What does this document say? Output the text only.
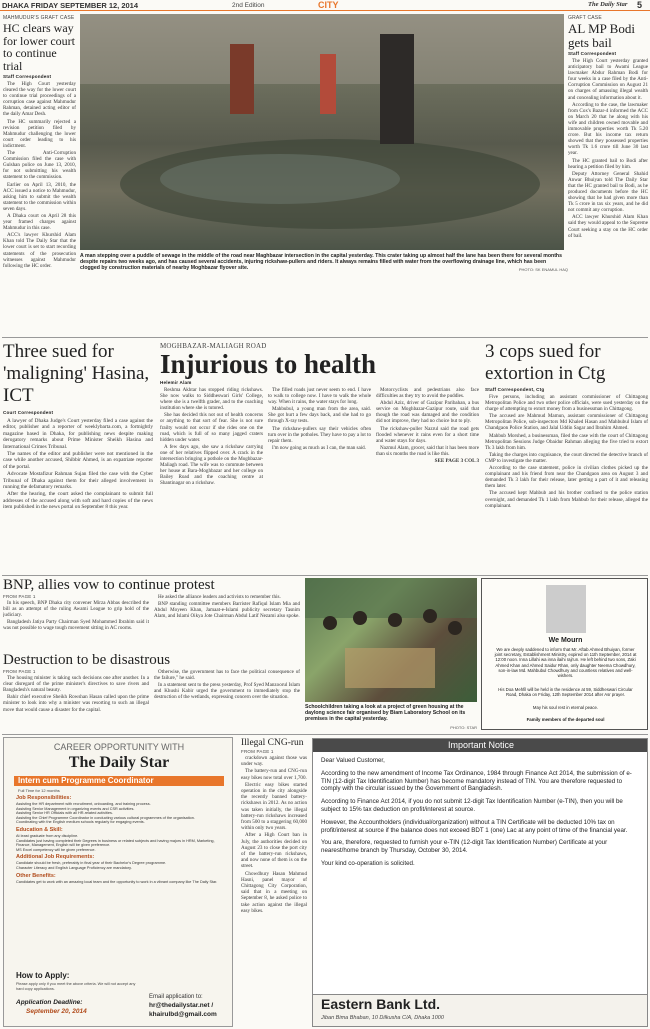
DHAKA FRIDAY SEPTEMBER 12, 2014	2nd Edition	CITY	The Daily Star 5
MAHMUDUR'S GRAFT CASE
HC clears way for lower court to continue trial
Staff Correspondent

The High Court yesterday cleared the way for the lower court to continue trial proceedings of a corruption case against Mahmudur Rahman, detained acting editor of the daily Amar Desh.

The HC summarily rejected a revision petition filed by Mahmudur challenging the lower court order leading to his indictment.

The Anti-Corruption Commission filed the case with Gulshan police on June 13, 2010, for not submitting his wealth statement to the commission.

Earlier on April 13, 2010, the ACC issued a notice to Mahmudur, asking him to submit the wealth statement to the commission within seven days.

A Dhaka court on April 28 this year framed charges against Mahmudur in this case.

ACC's lawyer Khurshid Alam Khan told The Daily Star that the lower court is set to start recording statements of the prosecution witnesses against Mahmudur following the HC order.

A man stepping over a puddle of sewage in the middle of the road near Maghbazar intersection in the capital yesterday. This crater taking up almost half the lane has been there for several months despite repairs two weeks ago, and has caused several accidents, injuring rickshaw-pullers and riders. It always remains filled with water from the overflowing drainage line, which has been clogged by construction materials of nearby Moghbazar flyover site.	PHOTO: SK ENAMUL HAQ
GRAFT CASE
AL MP Bodi gets bail
Staff Correspondent

The High Court yesterday granted anticipatory bail to Awami League lawmaker Abdur Rahman Bodi for four weeks in a case filed by the Anti-Corruption Commission on August 21 on charges of amassing illegal wealth and concealing information about it.

According to the case, the lawmaker from Cox's Bazar-4 informed the ACC on March 20 that he along with his wife and children owned movable and immovable properties worth Tk 5.20 crore. But his income tax return showed that they possessed properties worth Tk 1.6 crore till June 30 last year.

The HC granted bail to Bodi after hearing a petition filed by him.

Deputy Attorney General Shahid Anwar Bhuiyan told The Daily Star that the HC granted bail to Bodi, as he produced documents before the HC showing that he had given more than Tk 5 crore in tax six years, and he did not commit any corruption.

ACC lawyer Khurshid Alam Khan said they would appeal to the Supreme Court seeking a stay on the HC order of bail.

Three sued for 'maligning' Hasina, ICT
Court Correspondent

A lawyer of Dhaka Judge's Court yesterday filed a case against the editor, publisher and a reporter of weeklybarta.com, a fortnightly magazine based in Dhaka, for publishing news despite making derogatory remarks about Prime Minister Sheikh Hasina and International Crimes Tribunal.

The names of the editor and publisher were not mentioned in the case while another accused, Shibbir Ahmed, is an expatriate reporter of the portal.

Advocate Mostafizur Rahman Sujan filed the case with the Cyber Tribunal of Dhaka against them for their alleged involvement in running the defamatory remarks.

After the hearing, the court asked the complainant to submit full addresses of the accused along with soft and hard copies of the news item published in the news portal on September 8 this year.

MOGHBAZAR-MALIAGH ROAD
Injurious to health
Helemir Alam

Reshma Akhtar has stopped riding rickshaws. She now walks to Siddheswari Girls' College, where she is a twelfth grader, and to the coaching institution where she is tutored.

She has decided this not out of health concerns or anything to that sort of fear. She is not sure frailty would not occur if she rides one on the road, which is full of so many jagged craters hidden under water.

A few days ago, she saw a rickshaw carrying one of her relatives flipped over. A crack in the intersection bringing a pothole on the Moghbazar-Maliagh road. The wife was to commute between her house at Bara-Moghbazar and her college on Bailey Road and the coaching centre at Shantinagar on a rickshaw.

The filled roads just never seem to end. I have to walk to college now. I have to walk the whole way. When it rains, the water stays for long.

Mahbubul, a young man from the area, said. She got hurt a few days back, and she had to go through X-ray tests.

The rickshaw-pullers say their vehicles often turn over in the potholes. They have to pay a lot to repair them.

I'm now going as much as I can, the man said.

Motorcyclists and pedestrians also face difficulties as they try to avoid the puddles.

Abdul Aziz, driver of Gazipur Paribahan, a bus service on Moghbazar-Gazipur route, said that though the road was damaged and the condition did not improve, they had no choice but to ply.

The rickshaw-puller Nazrul said the road gets flooded whenever it rains even for a short time and water stays for days.

Nazmul Alam, grocer, said that it has been more than six months the road is like this.

SEE PAGE 3 COL 3

3 cops sued for extortion in Ctg
Staff Correspondent, Ctg

Five persons, including an assistant commissioner of Chittagong Metropolitan Police and two other police officials, were sued yesterday on the charge of attempting to extort money from a businessman in Chittagong.

The accused are Mahmud Mamun, assistant commissioner of Chittagong Metropolitan Police, sub-inspectors Md Khaled Hasan and Mahbubul Islam of Chandgaon Police Station, and Jalal Uddin Sagar and Ibrahim Ahmed.

Mahbub Morshed, a businessman, filed the case with the court of Chittagong Metropolitan Sessions Judge Obaidur Rahman alleging the five tried to extort Tk 3 lakh from him.

Taking the charges into cognisance, the court directed the detective branch of CMP to investigate the matter.

According to the case statement, police in civilian clothes picked up the complainant and his friend from near the Chandgaon area on August 3 and demanded Tk 3 lakh for their release, later getting a part of it and releasing them later.

The accused kept Mahbub and his brother confined to the police station overnight, and demanded Tk 1 lakh from Mahbub for their release, alleged the complainant.

BNP, allies vow to continue protest
FROM PAGE 1

In his speech, BNP Dhaka city convener Mirza Abbas described the bill as an attempt of the ruling Awami League to grip hold of the judiciary.

Bangladesh Jatiya Party Chairman Syed Mohammed Ibrahim said it was not possible to wage tough movement sitting in AC rooms.

He asked the alliance leaders and activists to remember this.

BNP standing committee members Barrister Rafiqul Islam Mia and Abdul Moyeen Khan, Jamaat-e-Islami publicity secretary Tasnim Alam, and Islami Oikya Jote Chairman Abdul Latif Nezami also spoke.

Destruction to be disastrous
FROM PAGE 1

The housing minister is taking such decisions one after another. In a clear disregard of the prime minister's directives to save rivers and Bangladesh's natural beauty.

Bahir chief executive Sheikh Rowshan Hasan called upon the prime minister to look into why a minister was resorting to such an illegal move that would cause a disaster for the capital.

Otherwise, the government has to face the political consequence of the failure," he said.

In a statement sent to the press yesterday, Prof Syed Manzoorul Islam and Khushi Kabir urged the government to immediately stop the destruction of the wetlands, expressing concern over the situation.

Schoolchildren taking a look at a project of green housing at the daylong science fair organised by Biam Laboratory School on its premises in the capital yesterday.
PHOTO: STAR
We Mourn
We are deeply saddened to inform that Mr. Aftab Ahmed Bhuiyan, former joint secretary, Establishment Ministry, expired on 11th September, 2014 at 12:00 noon. Inna Lillahi wa inna ilaihi raji'un. He left behind two sons, Zaki Ahmed Khan and Ahmed Saidur Rhan, only daughter Neema Chowdhury, son-in-law Md. Mahbubul Chowdhury and countless relatives and well-wishers.
His Doa Mehfil will be held in the residence at 59, Siddheswari Circular Road, Dhaka on Friday, 12th September 2014 after Asr prayer.
May his soul rest in eternal peace.
Family members of the departed soul
CAREER OPPORTUNITY WITH
The Daily Star
Intern cum Programme Coordinator
Full Time for 12 months
Job Responsibilities:
Assisting the HR department with recruitment, onboarding, and training process.
Assisting Senior Management in organizing events and CSR activities.
Assisting Senior HR Officials with all HR-related activities.
Assisting the Chief Programme Coordinator in conducting various cultural programmes of the organisation.
Coordinating with the English medium schools regularly for engaging events.
Education & Skill:
At least graduate from any discipline.
Candidates just having completed their Degrees in business or related subjects and having majors in HRM, Marketing, Finance, Management, English will be given preference.
MS Excel competency will be given preference.
Additional Job Requirements:
Candidate should be fresh, preferably in final year of their Bachelor's Degree programme.
Character Literacy and English Language Proficiency are mandatory.
Other Benefits:
Candidates get to work with an amazing local team and the opportunity to work in a vibrant company like The Daily Star.
How to Apply:
Please apply only if you meet the above criteria. We will not accept any hard copy applications.
Application Deadline:
September 20, 2014
Email application to:
hr@thedailystar.net /
khairulbd@gmail.com
Illegal CNG-run
FROM PAGE 1

crackdown against those was under way.

The battery-run and CNG-run easy bikes now total over 1,700.

Electric easy bikes started operation in the city alongside the recently banned battery-rickshaws in 2012. As no action was taken initially, the illegal battery-run rickshaws increased from 500 to a staggering 60,000 within only two years.

After a High Court ban in July, the authorities decided on August 23 to close the port city of the battery-run rickshaws, and now none of them is on the street.

Chowdhury Hasan Mahmud Hasni, panel mayor of Chittagong City Corporation, said that in a meeting on September 8, he asked police to take action against the illegal easy bikes.

Important Notice

Dear Valued Customer,

According to the new amendment of Income Tax Ordinance, 1984 through Finance Act 2014, the submission of e-TIN (12-digit Tax Identification Number) has become mandatory instead of TIN. You are therefore requested to comply with the circular issued by the Government of Bangladesh.

According to Finance Act 2014, if you do not submit 12-digit Tax Identification Number (e-TIN), then you will be subject to 15% tax deduction on profit/interest at source.

However, the Accountholders (individual/organization) without a TIN Certificate will be deducted 10% tax on profit/interest at source if the balance does not exceed BDT 1 (one) Lac at any point of time of the financial year.

You are, therefore, requested to furnish your e-TIN (12-digit Tax Identification Number) Certificate at your nearest/home branch by Thursday, October 30, 2014.

Your kind co-operation is solicited.

Eastern Bank Ltd.
Jiban Bima Bhaban, 10 Dilkusha C/A, Dhaka 1000
